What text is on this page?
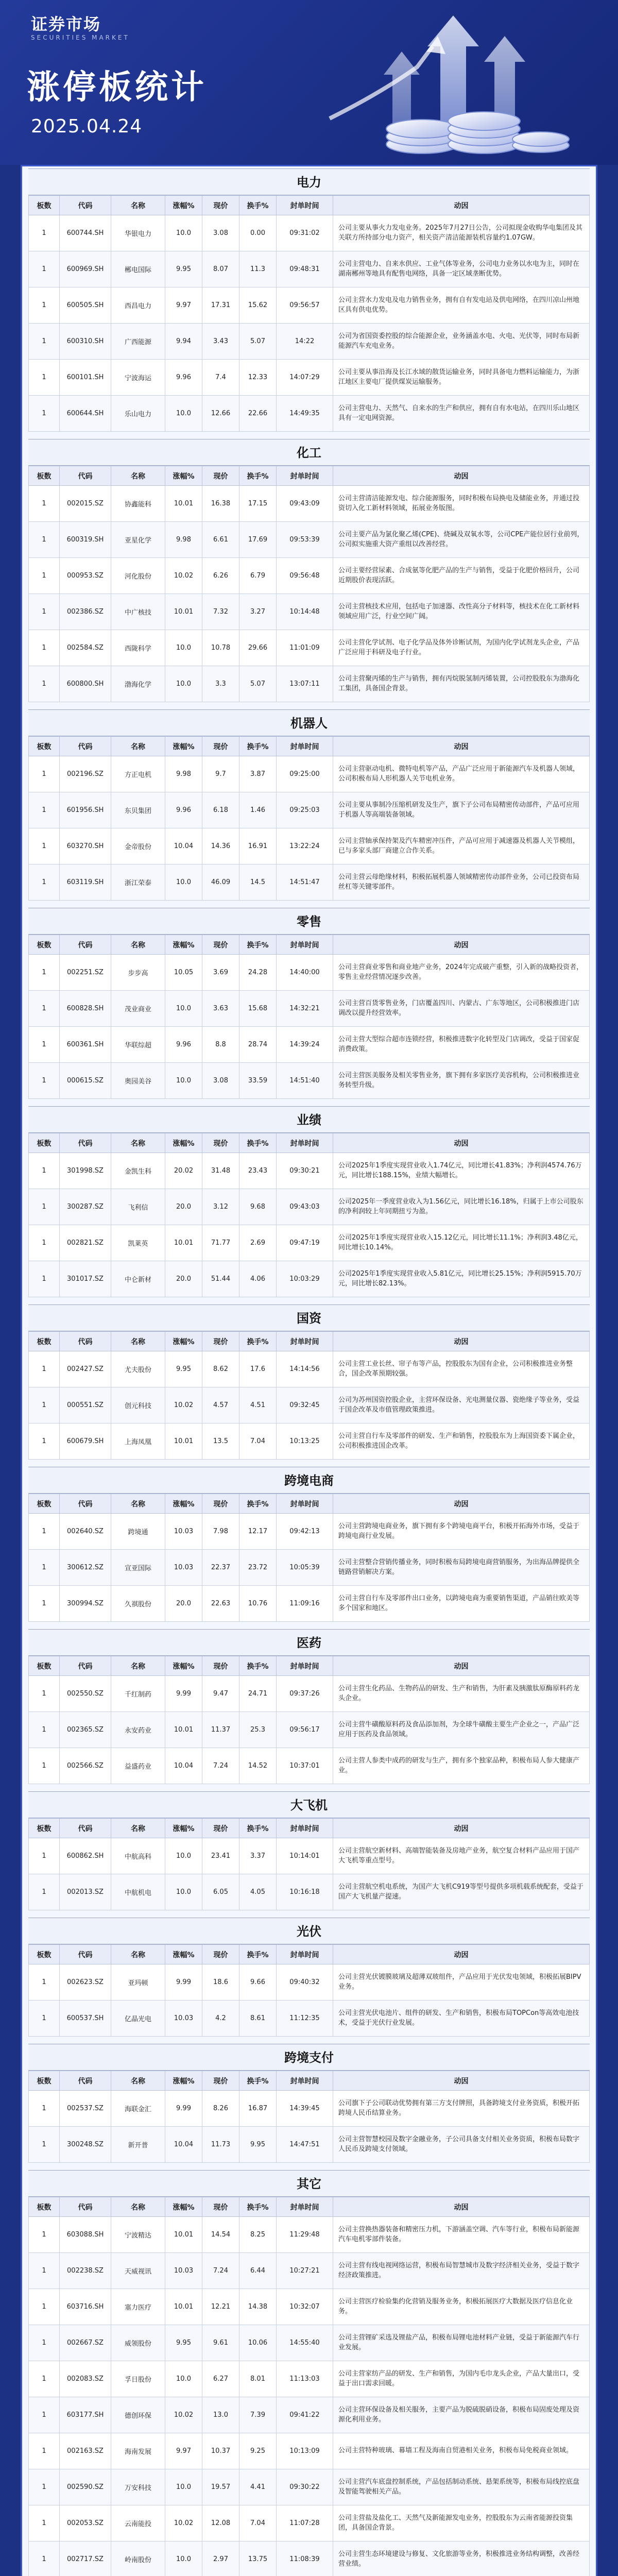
证券市场
SECURITIES MARKET
涨停板统计
2025.04.24
电力
板数	代码	名称	涨幅%	现价	换手%	封单时间	动因
1	600744.SH	华银电力	10.0	3.08	0.00	09:31:02	公司主要从事火力发电业务。2025年7月27日公告，公司拟现金收购华电集团及其关联方所持部分电力资产，相关资产清洁能源装机容量约1.07GW。
1	600969.SH	郴电国际	9.95	8.07	11.3	09:48:31	公司主营电力、自来水供应、工业气体等业务，公司电力业务以水电为主，同时在湖南郴州等地具有配售电网络，具备一定区域垄断优势。
1	600505.SH	西昌电力	9.97	17.31	15.62	09:56:57	公司主营水力发电及电力销售业务，拥有自有发电站及供电网络，在四川凉山州地区具有供电优势。
1	600310.SH	广西能源	9.94	3.43	5.07	14:22	公司为省国资委控股的综合能源企业，业务涵盖水电、火电、光伏等，同时布局新能源汽车充电业务。
1	600101.SH	宁波海运	9.96	7.4	12.33	14:07:29	公司主要从事沿海及长江水域的散货运输业务，同时具备电力燃料运输能力，为浙江地区主要电厂提供煤炭运输服务。
1	600644.SH	乐山电力	10.0	12.66	22.66	14:49:35	公司主营电力、天然气、自来水的生产和供应，拥有自有水电站，在四川乐山地区具有一定电网资源。
化工
板数	代码	名称	涨幅%	现价	换手%	封单时间	动因
1	002015.SZ	协鑫能科	10.01	16.38	17.15	09:43:09	公司主营清洁能源发电、综合能源服务，同时积极布局换电及储能业务，并通过投资切入化工新材料领域，拓展业务版图。
1	600319.SH	亚星化学	9.98	6.61	17.69	09:53:39	公司主要产品为氯化聚乙烯(CPE)、烧碱及双氧水等，公司CPE产能位居行业前列，公司拟实施重大资产重组以改善经营。
1	000953.SZ	河化股份	10.02	6.26	6.79	09:56:48	公司主要经营尿素、合成氨等化肥产品的生产与销售，受益于化肥价格回升，公司近期股价表现活跃。
1	002386.SZ	中广核技	10.01	7.32	3.27	10:14:48	公司主营核技术应用，包括电子加速器、改性高分子材料等，核技术在化工新材料领域应用广泛，行业空间广阔。
1	002584.SZ	西陇科学	10.0	10.78	29.66	11:01:09	公司主营化学试剂、电子化学品及体外诊断试剂，为国内化学试剂龙头企业，产品广泛应用于科研及电子行业。
1	600800.SH	渤海化学	10.0	3.3	5.07	13:07:11	公司主营聚丙烯的生产与销售，拥有丙烷脱氢制丙烯装置，公司控股股东为渤海化工集团，具备国企背景。
机器人
板数	代码	名称	涨幅%	现价	换手%	封单时间	动因
1	002196.SZ	方正电机	9.98	9.7	3.87	09:25:00	公司主营驱动电机、微特电机等产品，产品广泛应用于新能源汽车及机器人领域，公司积极布局人形机器人关节电机业务。
1	601956.SH	东贝集团	9.96	6.18	1.46	09:25:03	公司主要从事制冷压缩机研发及生产，旗下子公司布局精密传动部件，产品可应用于机器人等高端装备领域。
1	603270.SH	金帝股份	10.04	14.36	16.91	13:22:24	公司主营轴承保持架及汽车精密冲压件，产品可应用于减速器及机器人关节模组，已与多家头部厂商建立合作关系。
1	603119.SH	浙江荣泰	10.0	46.09	14.5	14:51:47	公司主营云母绝缘材料，积极拓展机器人领域精密传动部件业务，公司已投资布局丝杠等关键零部件。
零售
板数	代码	名称	涨幅%	现价	换手%	封单时间	动因
1	002251.SZ	步步高	10.05	3.69	24.28	14:40:00	公司主营商业零售和商业地产业务，2024年完成破产重整，引入新的战略投资者，零售主业经营情况逐步改善。
1	600828.SH	茂业商业	10.0	3.63	15.68	14:32:21	公司主营百货零售业务，门店覆盖四川、内蒙古、广东等地区，公司积极推进门店调改以提升经营效率。
1	600361.SH	华联综超	9.96	8.8	28.74	14:39:24	公司主营大型综合超市连锁经营，积极推进数字化转型及门店调改，受益于国家促消费政策。
1	000615.SZ	奥园美谷	10.0	3.08	33.59	14:51:40	公司主营医美服务及相关零售业务，旗下拥有多家医疗美容机构，公司积极推进业务转型升级。
业绩
板数	代码	名称	涨幅%	现价	换手%	封单时间	动因
1	301998.SZ	金凯生科	20.02	31.48	23.43	09:30:21	公司2025年1季度实现营业收入1.74亿元，同比增长41.83%；净利润4574.76万元，同比增长188.15%，业绩大幅增长。
1	300287.SZ	飞利信	20.0	3.12	9.68	09:43:03	公司2025年一季度营业收入为1.56亿元，同比增长16.18%，归属于上市公司股东的净利润较上年同期扭亏为盈。
1	002821.SZ	凯莱英	10.01	71.77	2.69	09:47:19	公司2025年1季度实现营业收入15.12亿元，同比增长11.1%；净利润3.48亿元，同比增长10.14%。
1	301017.SZ	中仑新材	20.0	51.44	4.06	10:03:29	公司2025年1季度实现营业收入5.81亿元，同比增长25.15%；净利润5915.70万元，同比增长82.13%。
国资
板数	代码	名称	涨幅%	现价	换手%	封单时间	动因
1	002427.SZ	尤夫股份	9.95	8.62	17.6	14:14:56	公司主营工业长丝、帘子布等产品，控股股东为国有企业，公司积极推进业务整合，国企改革预期较强。
1	000551.SZ	创元科技	10.02	4.57	4.51	09:32:45	公司为苏州国资控股企业，主营环保设备、光电测量仪器、瓷绝缘子等业务，受益于国企改革及市值管理政策推进。
1	600679.SH	上海凤凰	10.01	13.5	7.04	10:13:25	公司主营自行车及零部件的研发、生产和销售，控股股东为上海国资委下属企业，公司积极推进国企改革。
跨境电商
板数	代码	名称	涨幅%	现价	换手%	封单时间	动因
1	002640.SZ	跨境通	10.03	7.98	12.17	09:42:13	公司主营跨境电商业务，旗下拥有多个跨境电商平台，积极开拓海外市场，受益于跨境电商行业发展。
1	300612.SZ	宣亚国际	10.03	22.37	23.72	10:05:39	公司主营整合营销传播业务，同时积极布局跨境电商营销服务，为出海品牌提供全链路营销解决方案。
1	300994.SZ	久祺股份	20.0	22.63	10.76	11:09:16	公司主营自行车及零部件出口业务，以跨境电商为重要销售渠道，产品销往欧美等多个国家和地区。
医药
板数	代码	名称	涨幅%	现价	换手%	封单时间	动因
1	002550.SZ	千红制药	9.99	9.47	24.71	09:37:26	公司主营生化药品、生物药品的研发、生产和销售，为肝素及胰激肽原酶原料药龙头企业。
1	002365.SZ	永安药业	10.01	11.37	25.3	09:56:17	公司主营牛磺酸原料药及食品添加剂，为全球牛磺酸主要生产企业之一，产品广泛应用于医药及食品领域。
1	002566.SZ	益盛药业	10.04	7.24	14.52	10:37:01	公司主营人参类中成药的研发与生产，拥有多个独家品种，积极布局人参大健康产业。
大飞机
板数	代码	名称	涨幅%	现价	换手%	封单时间	动因
1	600862.SH	中航高科	10.0	23.41	3.37	10:14:01	公司主营航空新材料、高端智能装备及房地产业务，航空复合材料产品应用于国产大飞机等重点型号。
1	002013.SZ	中航机电	10.0	6.05	4.05	10:16:18	公司主营航空机电系统，为国产大飞机C919等型号提供多项机载系统配套，受益于国产大飞机量产提速。
光伏
板数	代码	名称	涨幅%	现价	换手%	封单时间	动因
1	002623.SZ	亚玛顿	9.99	18.6	9.66	09:40:32	公司主营光伏镀膜玻璃及超薄双玻组件，产品应用于光伏发电领域，积极拓展BIPV业务。
1	600537.SH	亿晶光电	10.03	4.2	8.61	11:12:35	公司主营光伏电池片、组件的研发、生产和销售，积极布局TOPCon等高效电池技术，受益于光伏行业发展。
跨境支付
板数	代码	名称	涨幅%	现价	换手%	封单时间	动因
1	002537.SZ	海联金汇	9.99	8.26	16.87	14:39:45	公司旗下子公司联动优势拥有第三方支付牌照，具备跨境支付业务资质，积极开拓跨境人民币结算业务。
1	300248.SZ	新开普	10.04	11.73	9.95	14:47:51	公司主营智慧校园及数字金融业务，子公司具备支付相关业务资质，积极布局数字人民币及跨境支付领域。
其它
板数	代码	名称	涨幅%	现价	换手%	封单时间	动因
1	603088.SH	宁波精达	10.01	14.54	8.25	11:29:48	公司主营换热器装备和精密压力机，下游涵盖空调、汽车等行业，积极布局新能源汽车电机零部件装备。
1	002238.SZ	天威视讯	10.03	7.24	6.44	10:27:21	公司主营有线电视网络运营，积极布局智慧城市及数字经济相关业务，受益于数字经济政策推进。
1	603716.SH	塞力医疗	10.01	12.21	14.38	10:32:07	公司主营医疗检验集约化营销及服务业务，积极拓展医疗大数据及医疗信息化业务。
1	002667.SZ	威领股份	9.95	9.61	10.06	14:55:40	公司主营锂矿采选及锂盐产品，积极布局锂电池材料产业链，受益于新能源汽车行业发展。
1	002083.SZ	孚日股份	10.0	6.27	8.01	11:13:03	公司主营家纺产品的研发、生产和销售，为国内毛巾龙头企业，产品大量出口，受益于出口需求回暖。
1	603177.SH	德创环保	10.02	13.0	7.39	09:41:22	公司主营环保设备及相关服务，主要产品为脱硫脱硝设备，积极布局固废处理及资源化利用业务。
1	002163.SZ	海南发展	9.97	10.37	9.25	10:13:09	公司主营特种玻璃、幕墙工程及海南自贸港相关业务，积极布局免税商业领域。
1	002590.SZ	万安科技	10.0	19.57	4.41	09:30:22	公司主营汽车底盘控制系统，产品包括制动系统、悬架系统等，积极布局线控底盘及智能驾驶相关产品。
1	002053.SZ	云南能投	10.02	12.08	7.04	11:07:28	公司主营盐及盐化工、天然气及新能源发电业务，控股股东为云南省能源投资集团，具备国企背景。
1	002717.SZ	岭南股份	10.0	2.97	13.75	11:08:39	公司主营生态环境建设与修复、文化旅游等业务，积极推进业务结构调整，改善经营业绩。
